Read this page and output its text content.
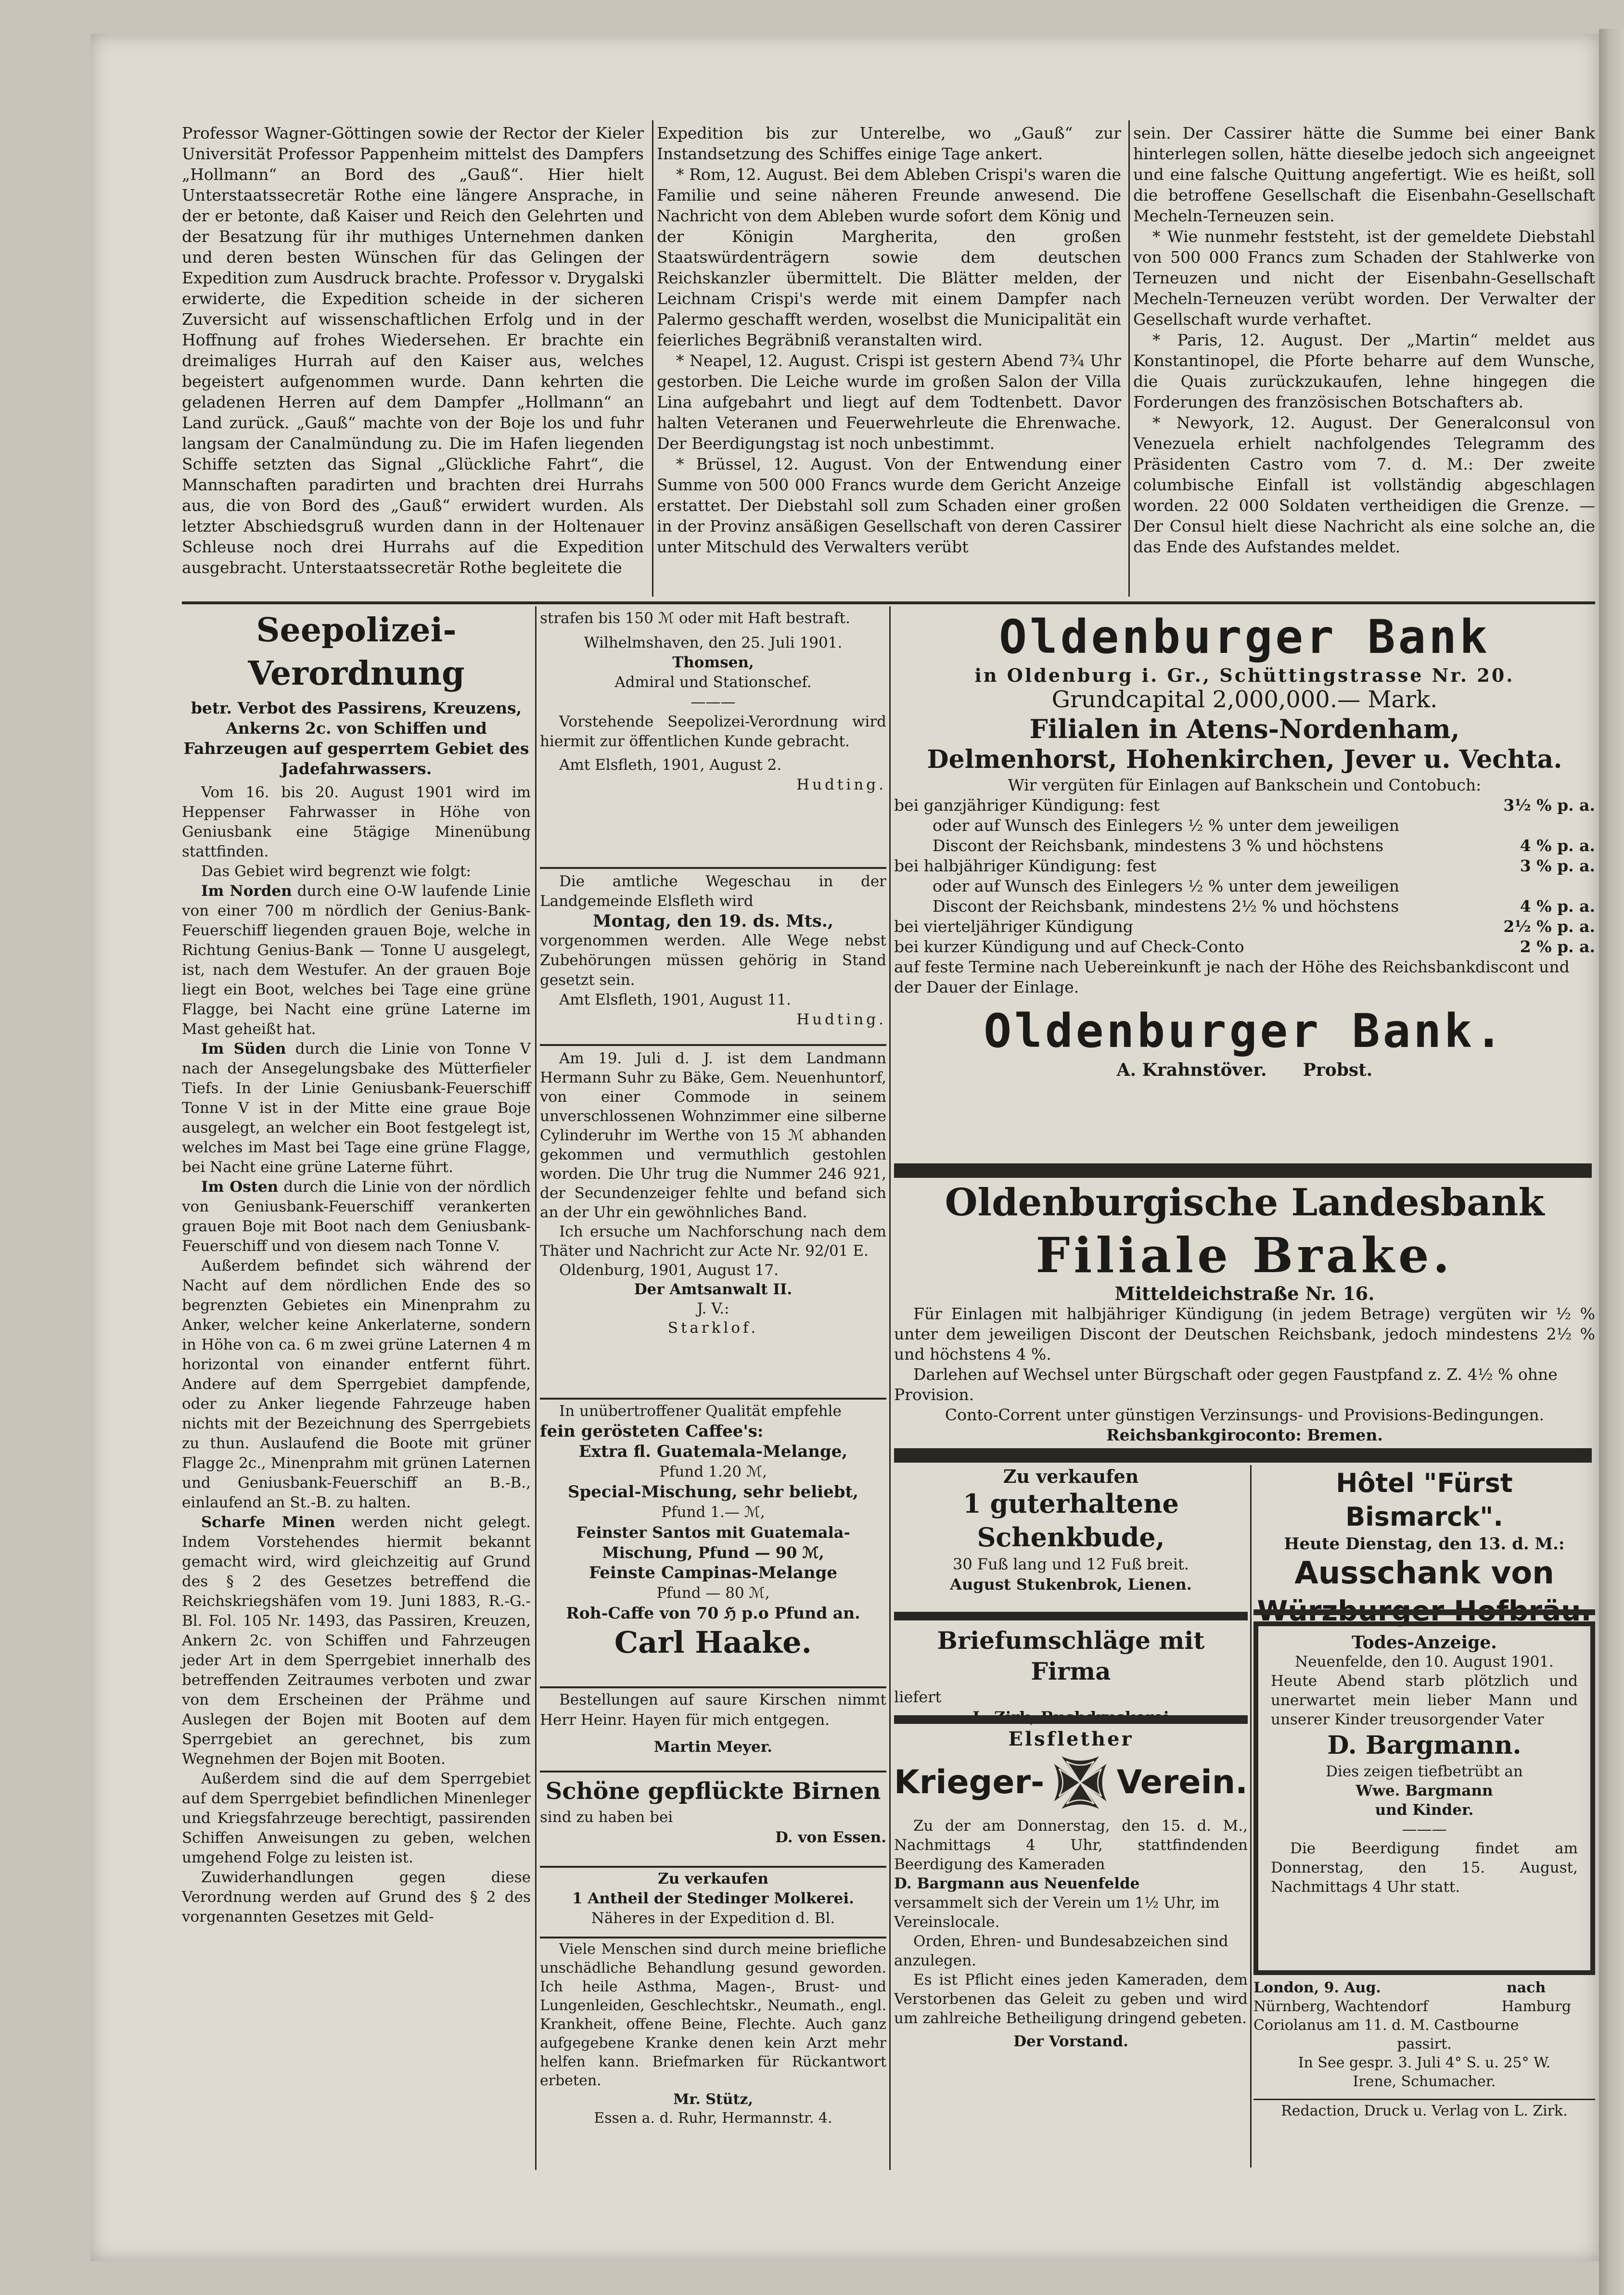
Professor Wagner-Göttingen sowie der Rector der Kieler Universität Professor Pappenheim mittelst des Dampfers „Hollmann“ an Bord des „Gauß“. Hier hielt Unterstaatssecretär Rothe eine längere Ansprache, in der er betonte, daß Kaiser und Reich den Gelehrten und der Besatzung für ihr muthiges Unternehmen danken und deren besten Wünschen für das Gelingen der Expedition zum Ausdruck brachte. Professor v. Drygalski erwiderte, die Expedition scheide in der sicheren Zuversicht auf wissenschaftlichen Erfolg und in der Hoffnung auf frohes Wiedersehen. Er brachte ein dreimaliges Hurrah auf den Kaiser aus, welches begeistert aufgenommen wurde. Dann kehrten die geladenen Herren auf dem Dampfer „Hollmann“ an Land zurück. „Gauß“ machte von der Boje los und fuhr langsam der Canalmündung zu. Die im Hafen liegenden Schiffe setzten das Signal „Glückliche Fahrt“, die Mannschaften paradirten und brachten drei Hurrahs aus, die von Bord des „Gauß“ erwidert wurden. Als letzter Abschiedsgruß wurden dann in der Holtenauer Schleuse noch drei Hurrahs auf die Expedition ausgebracht. Unterstaatssecretär Rothe begleitete die

Expedition bis zur Unterelbe, wo „Gauß“ zur Instandsetzung des Schiffes einige Tage ankert.

* Rom, 12. August. Bei dem Ableben Crispi's waren die Familie und seine näheren Freunde anwesend. Die Nachricht von dem Ableben wurde sofort dem König und der Königin Margherita, den großen Staatswürdenträgern sowie dem deutschen Reichskanzler übermittelt. Die Blätter melden, der Leichnam Crispi's werde mit einem Dampfer nach Palermo geschafft werden, woselbst die Municipalität ein feierliches Begräbniß veranstalten wird.

* Neapel, 12. August. Crispi ist gestern Abend 7¾ Uhr gestorben. Die Leiche wurde im großen Salon der Villa Lina aufgebahrt und liegt auf dem Todtenbett. Davor halten Veteranen und Feuerwehrleute die Ehrenwache. Der Beerdigungstag ist noch unbestimmt.

* Brüssel, 12. August. Von der Entwendung einer Summe von 500 000 Francs wurde dem Gericht Anzeige erstattet. Der Diebstahl soll zum Schaden einer großen in der Provinz ansäßigen Gesellschaft von deren Cassirer unter Mitschuld des Verwalters verübt

sein. Der Cassirer hätte die Summe bei einer Bank hinterlegen sollen, hätte dieselbe jedoch sich angeeignet und eine falsche Quittung angefertigt. Wie es heißt, soll die betroffene Gesellschaft die Eisenbahn-Gesellschaft Mecheln-Terneuzen sein.

* Wie nunmehr feststeht, ist der gemeldete Diebstahl von 500 000 Francs zum Schaden der Stahlwerke von Terneuzen und nicht der Eisenbahn-Gesellschaft Mecheln-Terneuzen verübt worden. Der Verwalter der Gesellschaft wurde verhaftet.

* Paris, 12. August. Der „Martin“ meldet aus Konstantinopel, die Pforte beharre auf dem Wunsche, die Quais zurückzukaufen, lehne hingegen die Forderungen des französischen Botschafters ab.

* Newyork, 12. August. Der Generalconsul von Venezuela erhielt nachfolgendes Telegramm des Präsidenten Castro vom 7. d. M.: Der zweite columbische Einfall ist vollständig abgeschlagen worden. 22 000 Soldaten vertheidigen die Grenze. — Der Consul hielt diese Nachricht als eine solche an, die das Ende des Aufstandes meldet.

Seepolizei-Verordnung
betr. Verbot des Passirens, Kreuzens, Ankerns 2c. von Schiffen und Fahrzeugen auf gesperrtem Gebiet des Jadefahrwassers.

Vom 16. bis 20. August 1901 wird im Heppenser Fahrwasser in Höhe von Geniusbank eine 5tägige Minenübung stattfinden.

Das Gebiet wird begrenzt wie folgt:

Im Norden durch eine O-W laufende Linie von einer 700 m nördlich der Genius-Bank-Feuerschiff liegenden grauen Boje, welche in Richtung Genius-Bank — Tonne U ausgelegt, ist, nach dem Westufer. An der grauen Boje liegt ein Boot, welches bei Tage eine grüne Flagge, bei Nacht eine grüne Laterne im Mast geheißt hat.

Im Süden durch die Linie von Tonne V nach der Ansegelungsbake des Mütterfieler Tiefs. In der Linie Geniusbank-Feuerschiff Tonne V ist in der Mitte eine graue Boje ausgelegt, an welcher ein Boot festgelegt ist, welches im Mast bei Tage eine grüne Flagge, bei Nacht eine grüne Laterne führt.

Im Osten durch die Linie von der nördlich von Geniusbank-Feuerschiff verankerten grauen Boje mit Boot nach dem Geniusbank-Feuerschiff und von diesem nach Tonne V.

Außerdem befindet sich während der Nacht auf dem nördlichen Ende des so begrenzten Gebietes ein Minenprahm zu Anker, welcher keine Ankerlaterne, sondern in Höhe von ca. 6 m zwei grüne Laternen 4 m horizontal von einander entfernt führt. Andere auf dem Sperrgebiet dampfende, oder zu Anker liegende Fahrzeuge haben nichts mit der Bezeichnung des Sperrgebiets zu thun. Auslaufend die Boote mit grüner Flagge 2c., Minenprahm mit grünen Laternen und Geniusbank-Feuerschiff an B.-B., einlaufend an St.-B. zu halten.

Scharfe Minen werden nicht gelegt. Indem Vorstehendes hiermit bekannt gemacht wird, wird gleichzeitig auf Grund des § 2 des Gesetzes betreffend die Reichskriegshäfen vom 19. Juni 1883, R.-G.-Bl. Fol. 105 Nr. 1493, das Passiren, Kreuzen, Ankern 2c. von Schiffen und Fahrzeugen jeder Art in dem Sperrgebiet innerhalb des betreffenden Zeitraumes verboten und zwar von dem Erscheinen der Prähme und Auslegen der Bojen mit Booten auf dem Sperrgebiet an gerechnet, bis zum Wegnehmen der Bojen mit Booten.

Außerdem sind die auf dem Sperrgebiet auf dem Sperrgebiet befindlichen Minenleger und Kriegsfahrzeuge berechtigt, passirenden Schiffen Anweisungen zu geben, welchen umgehend Folge zu leisten ist.

Zuwiderhandlungen gegen diese Verordnung werden auf Grund des § 2 des vorgenannten Gesetzes mit Geld-

strafen bis 150 ℳ oder mit Haft bestraft.

Wilhelmshaven, den 25. Juli 1901.

Thomsen,

Admiral und Stationschef.

———

Vorstehende Seepolizei-Verordnung wird hiermit zur öffentlichen Kunde gebracht.

Amt Elsfleth, 1901, August 2.

Hudting.

Die amtliche Wegeschau in der Landgemeinde Elsfleth wird

Montag, den 19. ds. Mts.,

vorgenommen werden. Alle Wege nebst Zubehörungen müssen gehörig in Stand gesetzt sein.

Amt Elsfleth, 1901, August 11.

Hudting.

Am 19. Juli d. J. ist dem Landmann Hermann Suhr zu Bäke, Gem. Neuenhuntorf, von einer Commode in seinem unverschlossenen Wohnzimmer eine silberne Cylinderuhr im Werthe von 15 ℳ abhanden gekommen und vermuthlich gestohlen worden. Die Uhr trug die Nummer 246 921, der Secundenzeiger fehlte und befand sich an der Uhr ein gewöhnliches Band.

Ich ersuche um Nachforschung nach dem Thäter und Nachricht zur Acte Nr. 92/01 E.

Oldenburg, 1901, August 17.

Der Amtsanwalt II.

J. V.:

Starklof.

In unübertroffener Qualität empfehle

fein gerösteten Caffee's:

Extra fl. Guatemala-Melange,
Pfund 1.20 ℳ,
Special-Mischung, sehr beliebt,
Pfund 1.— ℳ,
Feinster Santos mit Guatemala-Mischung, Pfund — 90 ℳ,
Feinste Campinas-Melange
Pfund — 80 ℳ,
Roh-Caffe von 70 ℌ p.o Pfund an.
Carl Haake.

Bestellungen auf saure Kirschen nimmt Herr Heinr. Hayen für mich entgegen.

Martin Meyer.

Schöne gepflückte Birnen

sind zu haben bei

D. von Essen.

Zu verkaufen

1 Antheil der Stedinger Molkerei.

Näheres in der Expedition d. Bl.

Viele Menschen sind durch meine briefliche unschädliche Behandlung gesund geworden. Ich heile Asthma, Magen-, Brust- und Lungenleiden, Geschlechtskr., Neumath., engl. Krankheit, offene Beine, Flechte. Auch ganz aufgegebene Kranke denen kein Arzt mehr helfen kann. Briefmarken für Rückantwort erbeten.

Mr. Stütz,

Essen a. d. Ruhr, Hermannstr. 4.

Oldenburger Bank
in Oldenburg i. Gr., Schüttingstrasse Nr. 20.
Grundcapital 2,000,000.— Mark.
Filialen in Atens-Nordenham,
Delmenhorst, Hohenkirchen, Jever u. Vechta.
Wir vergüten für Einlagen auf Bankschein und Contobuch:
bei ganzjähriger Kündigung: fest	3½ % p. a.
oder auf Wunsch des Einlegers ½ % unter dem jeweiligen Discont der Reichsbank, mindestens 3 % und höchstens	4 % p. a.
bei halbjähriger Kündigung: fest	3 % p. a.
oder auf Wunsch des Einlegers ½ % unter dem jeweiligen Discont der Reichsbank, mindestens 2½ % und höchstens	4 % p. a.
bei vierteljähriger Kündigung	2½ % p. a.
bei kurzer Kündigung und auf Check-Conto	2 % p. a.
auf feste Termine nach Uebereinkunft je nach der Höhe des Reichsbankdiscont und der Dauer der Einlage.
Oldenburger Bank.
A. Krahnstöver.      Probst.
Oldenburgische Landesbank
Filiale Brake.
Mitteldeichstraße Nr. 16.
Für Einlagen mit halbjähriger Kündigung (in jedem Betrage) vergüten wir ½ % unter dem jeweiligen Discont der Deutschen Reichsbank, jedoch mindestens 2½ % und höchstens 4 %.
Darlehen auf Wechsel unter Bürgschaft oder gegen Faustpfand z. Z. 4½ % ohne Provision.
Conto-Corrent unter günstigen Verzinsungs- und Provisions-Bedingungen.
Reichsbankgiroconto: Bremen.
Zu verkaufen
1 guterhaltene Schenkbude,
30 Fuß lang und 12 Fuß breit.
August Stukenbrok, Lienen.
Briefumschläge mit Firma
liefert
Elsflether
Krieger- Verein.
Zu der am Donnerstag, den 15. d. M., Nachmittags 4 Uhr, stattfindenden Beerdigung des Kameraden
D. Bargmann aus Neuenfelde
versammelt sich der Verein um 1½ Uhr, im Vereinslocale.
Orden, Ehren- und Bundesabzeichen sind anzulegen.
Es ist Pflicht eines jeden Kameraden, dem Verstorbenen das Geleit zu geben und wird um zahlreiche Betheiligung dringend gebeten.
Der Vorstand.
Hôtel "Fürst Bismarck".
Heute Dienstag, den 13. d. M.:
Ausschank von
Todes-Anzeige.
Neuenfelde, den 10. August 1901.
Heute Abend starb plötzlich und unerwartet mein lieber Mann und unserer Kinder treusorgender Vater
D. Bargmann.
Dies zeigen tiefbetrübt an
Wwe. Bargmann
und Kinder.
———
Die Beerdigung findet am Donnerstag, den 15. August, Nachmittags 4 Uhr statt.
London, 9. Aug.                         nach
Nürnberg, Wachtendorf                Hamburg
Coriolanus am 11. d. M. Castbourne
passirt.
In See gespr. 3. Juli 4° S. u. 25° W.
Irene, Schumacher.
Redaction, Druck u. Verlag von L. Zirk.
